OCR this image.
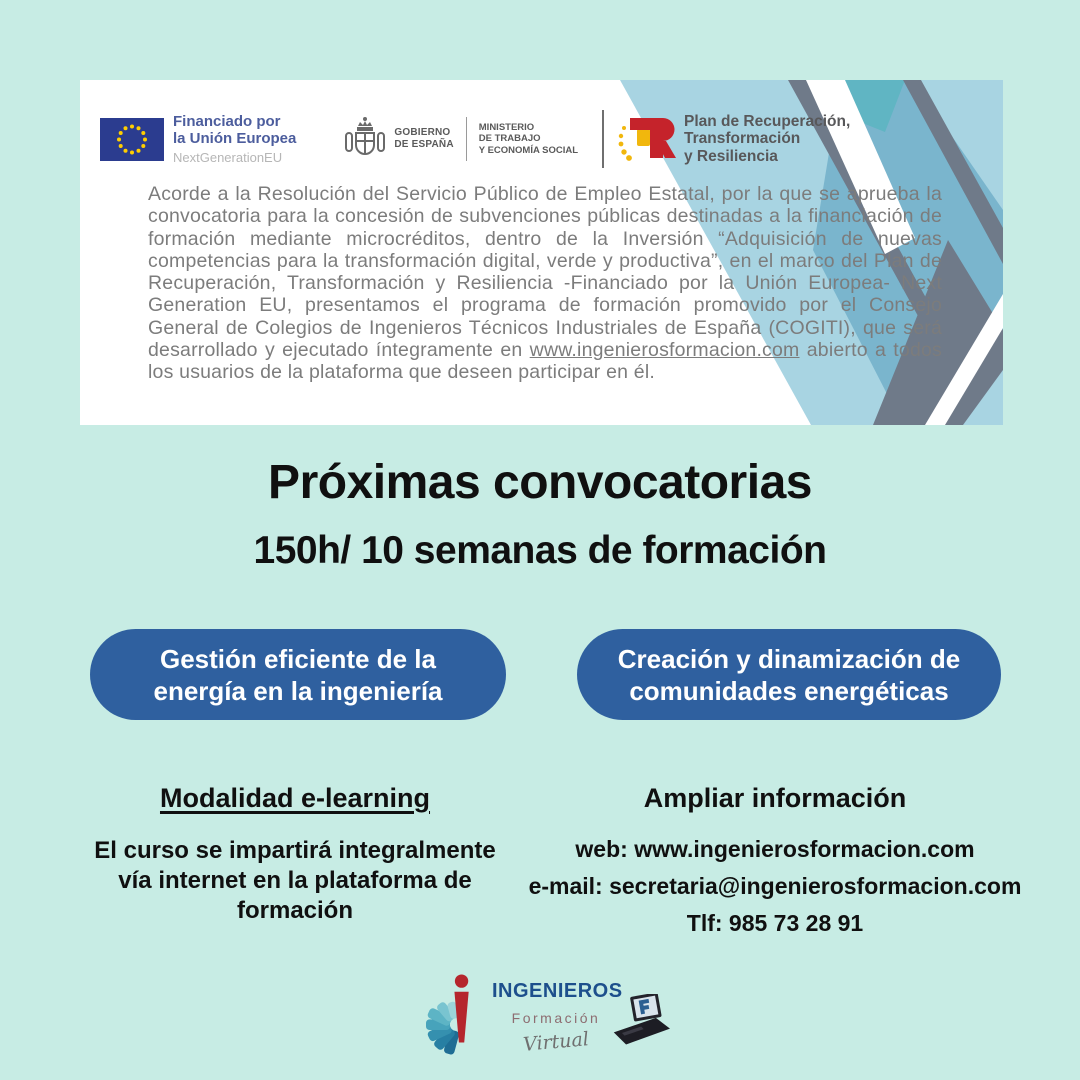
Financiado por
la Unión Europea
NextGenerationEU
GOBIERNO
DE ESPAÑA
MINISTERIO
DE TRABAJO
Y ECONOMÍA SOCIAL
Plan de Recuperación,
Transformación
y Resiliencia
Acorde a la Resolución del Servicio Público de Empleo Estatal, por la que se aprueba la convocatoria para la concesión de subvenciones públicas destinadas a la financiación de formación mediante microcréditos, dentro de la Inversión “Adquisición de nuevas competencias para la transformación digital, verde y productiva”, en el marco del Plan de Recuperación, Transformación y Resiliencia -Financiado por la Unión Europea- Next Generation EU, presentamos el programa de formación promovido por el Consejo General de Colegios de Ingenieros Técnicos Industriales de España (COGITI), que será desarrollado y ejecutado íntegramente en www.ingenierosformacion.com abierto a todos los usuarios de la plataforma que deseen participar en él.
Próximas convocatorias
150h/ 10 semanas de formación
Gestión eficiente de la energía en la ingeniería
Creación y dinamización de comunidades energéticas
Modalidad e-learning

El curso se impartirá integralmente vía internet en la plataforma de formación

Ampliar información
web: www.ingenierosformacion.com
e-mail: secretaria@ingenierosformacion.com
Tlf: 985 73 28 91
INGENIEROS
Formación
Virtual
